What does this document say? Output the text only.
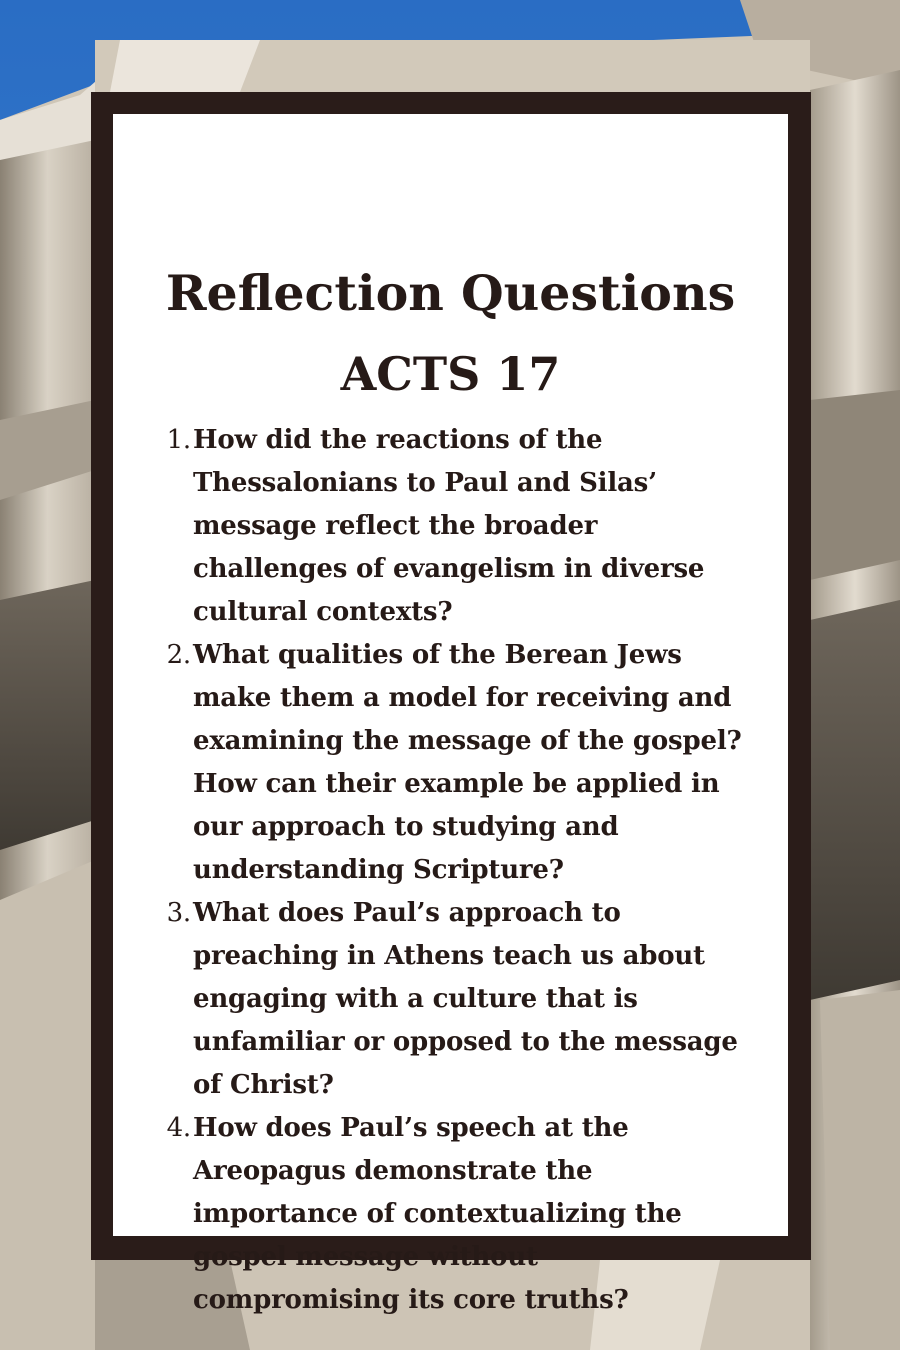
Reflection Questions
ACTS 17
1. How did the reactions of the
Thessalonians to Paul and Silas’
message reflect the broader
challenges of evangelism in diverse
cultural contexts?
2. What qualities of the Berean Jews
make them a model for receiving and
examining the message of the gospel?
How can their example be applied in
our approach to studying and
understanding Scripture?
3. What does Paul’s approach to
preaching in Athens teach us about
engaging with a culture that is
unfamiliar or opposed to the message
of Christ?
4. How does Paul’s speech at the
Areopagus demonstrate the
importance of contextualizing the
gospel message without
compromising its core truths?
